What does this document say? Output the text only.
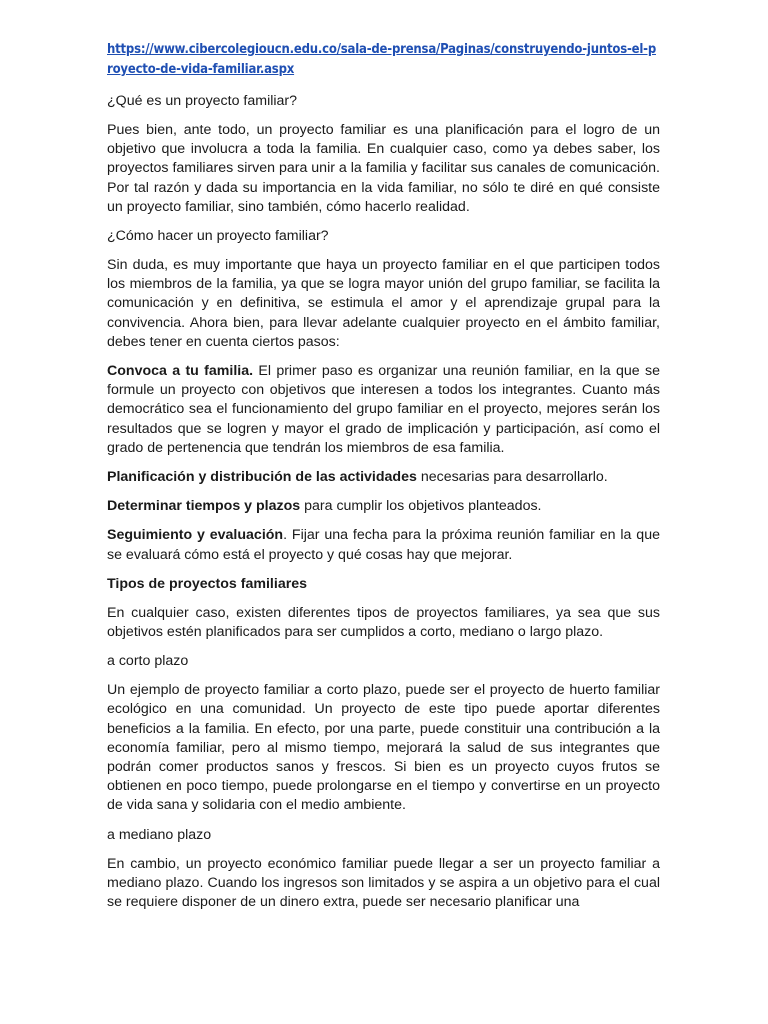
https://www.cibercolegioucn.edu.co/sala-de-prensa/Paginas/construyendo-juntos-el-proyecto-de-vida-familiar.aspx
¿Qué es un proyecto familiar?

Pues bien, ante todo, un proyecto familiar es una planificación para el logro de un objetivo que involucra a toda la familia. En cualquier caso, como ya debes saber, los proyectos familiares sirven para unir a la familia y facilitar sus canales de comunicación. Por tal razón y dada su importancia en la vida familiar, no sólo te diré en qué consiste un proyecto familiar, sino también, cómo hacerlo realidad.

¿Cómo hacer un proyecto familiar?

Sin duda, es muy importante que haya un proyecto familiar en el que participen todos los miembros de la familia, ya que se logra mayor unión del grupo familiar, se facilita la comunicación y en definitiva, se estimula el amor y el aprendizaje grupal para la convivencia. Ahora bien, para llevar adelante cualquier proyecto en el ámbito familiar, debes tener en cuenta ciertos pasos:

Convoca a tu familia. El primer paso es organizar una reunión familiar, en la que se formule un proyecto con objetivos que interesen a todos los integrantes. Cuanto más democrático sea el funcionamiento del grupo familiar en el proyecto, mejores serán los resultados que se logren y mayor el grado de implicación y participación, así como el grado de pertenencia que tendrán los miembros de esa familia.

Planificación y distribución de las actividades necesarias para desarrollarlo.

Determinar tiempos y plazos para cumplir los objetivos planteados.

Seguimiento y evaluación. Fijar una fecha para la próxima reunión familiar en la que se evaluará cómo está el proyecto y qué cosas hay que mejorar.

Tipos de proyectos familiares

En cualquier caso, existen diferentes tipos de proyectos familiares, ya sea que sus objetivos estén planificados para ser cumplidos a corto, mediano o largo plazo.

a corto plazo

Un ejemplo de proyecto familiar a corto plazo, puede ser el proyecto de huerto familiar ecológico en una comunidad. Un proyecto de este tipo puede aportar diferentes beneficios a la familia. En efecto, por una parte, puede constituir una contribución a la economía familiar, pero al mismo tiempo, mejorará la salud de sus integrantes que podrán comer productos sanos y frescos. Si bien es un proyecto cuyos frutos se obtienen en poco tiempo, puede prolongarse en el tiempo y convertirse en un proyecto de vida sana y solidaria con el medio ambiente.

a mediano plazo

En cambio, un proyecto económico familiar puede llegar a ser un proyecto familiar a mediano plazo. Cuando los ingresos son limitados y se aspira a un objetivo para el cual se requiere disponer de un dinero extra, puede ser necesario planificar una
